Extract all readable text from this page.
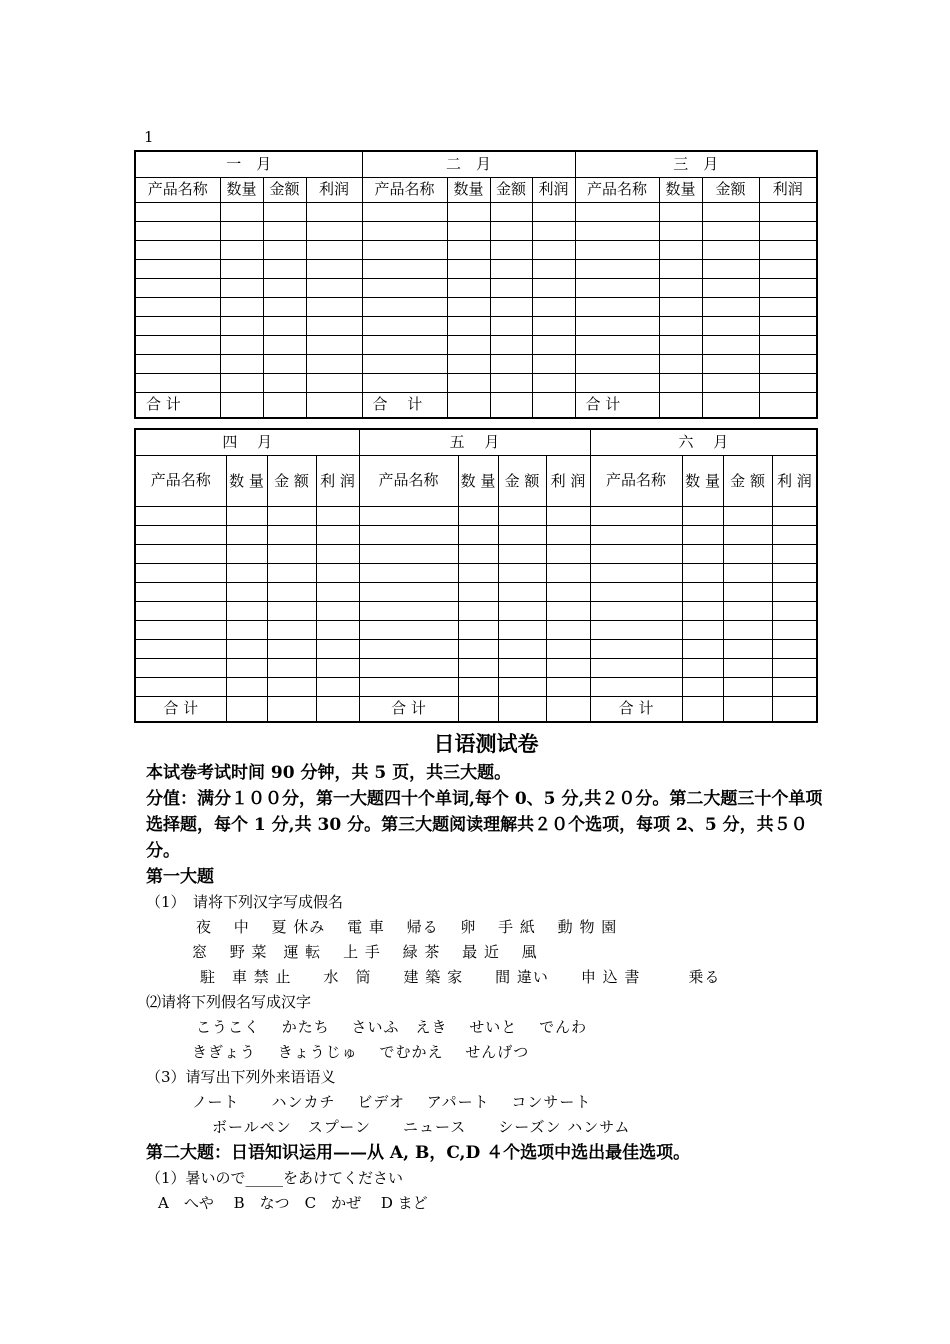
1
一　月				二　月				三　月			
产品名称	数量	金额	利润	产品名称	数量	金额	利润	产品名称	数量	金额	利润

合 计				合　 计				合 计			
四　 月				五　 月				六　 月			
产品名称	数 量	金 额	利 润	产品名称	数 量	金 额	利 润	产品名称	数 量	金 额	利 润

合 计				合 计				合 计			
日语测试卷

本试卷考试时间 90 分钟，共 5 页，共三大题。

分值：满分１００分，第一大题四十个单词,每个 0、5 分,共２０分。第二大题三十个单项选择题，每个 1 分,共 30 分。第三大题阅读理解共２０个选项，每项 2、5 分，共５０分。

第一大题

（1）　请将下列汉字写成假名

夜　 中　 夏 休み　 電 車　 帰る　 卵　 手 紙　 動 物 園

窓　 野 菜　運 転　 上 手　 緑 茶　 最 近　 風

駐　車 禁 止　　水　筒　　建 築 家　　間 違い　　申 込 書　　　乗る

⑵请将下列假名写成汉字

こうこく　 かたち　 さいふ　えき　 せいと　 でんわ

きぎょう　 きょうじゅ　 でむかえ　 せんげつ

（3）请写出下列外来语语义

ノート　　ハンカチ　 ビデオ　 アパート　 コンサート

ボールペン　スプーン　　ニュース　　シーズン ハンサム

第二大题：日语知识运用——从 A, B，C,D ４个选项中选出最佳选项。

（1）暑いので_____をあけてください

A　へや　 B　なつ　C　かぜ　 D まど
